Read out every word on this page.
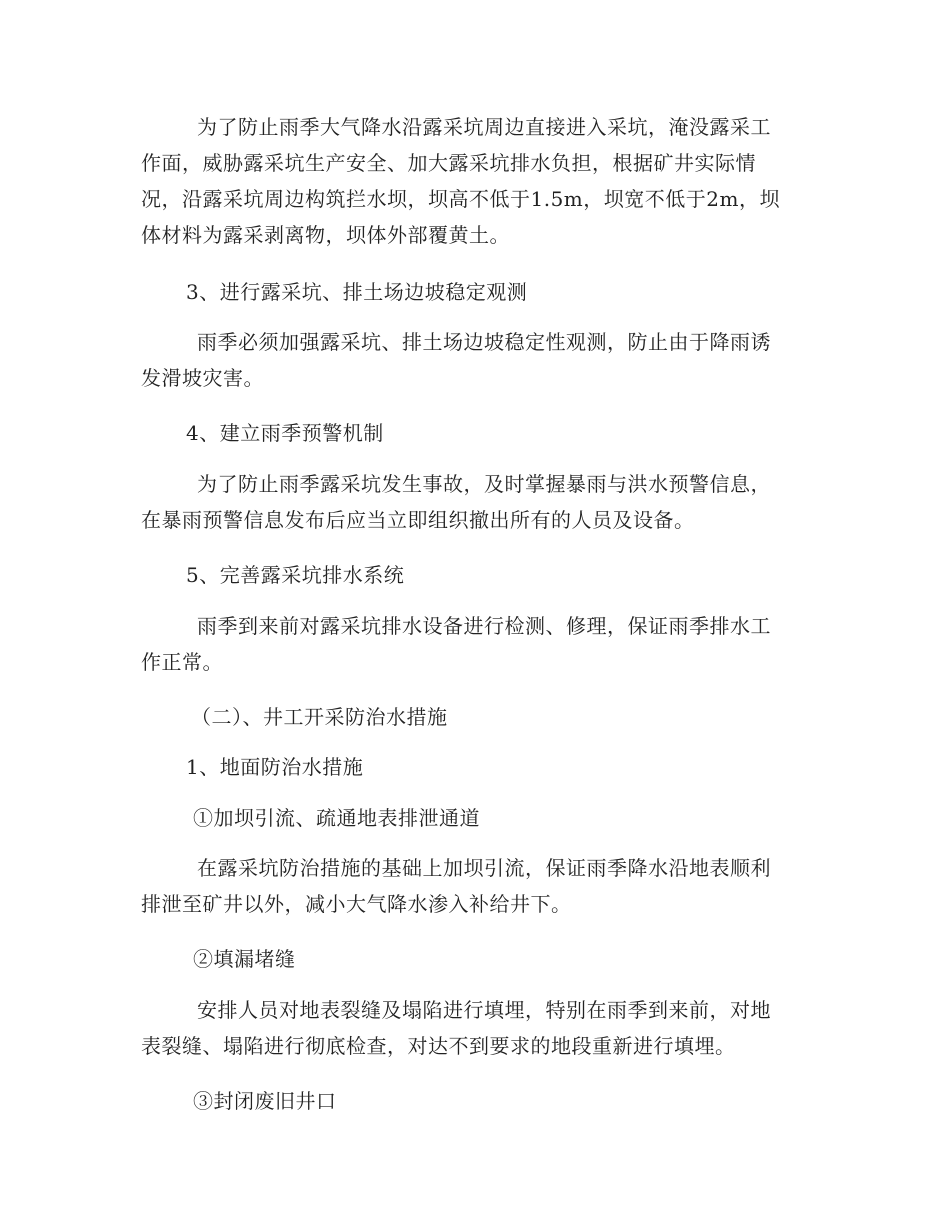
为了防止雨季大气降水沿露采坑周边直接进入采坑，淹没露采工
作面，威胁露采坑生产安全、加大露采坑排水负担，根据矿井实际情
况，沿露采坑周边构筑拦水坝，坝高不低于1.5m，坝宽不低于2m，坝
体材料为露采剥离物，坝体外部覆黄土。
3、进行露采坑、排土场边坡稳定观测
雨季必须加强露采坑、排土场边坡稳定性观测，防止由于降雨诱
发滑坡灾害。
4、建立雨季预警机制
为了防止雨季露采坑发生事故，及时掌握暴雨与洪水预警信息，
在暴雨预警信息发布后应当立即组织撤出所有的人员及设备。
5、完善露采坑排水系统
雨季到来前对露采坑排水设备进行检测、修理，保证雨季排水工
作正常。
（二）、井工开采防治水措施
1、地面防治水措施
①加坝引流、疏通地表排泄通道
在露采坑防治措施的基础上加坝引流，保证雨季降水沿地表顺利
排泄至矿井以外，减小大气降水渗入补给井下。
②填漏堵缝
安排人员对地表裂缝及塌陷进行填埋，特别在雨季到来前，对地
表裂缝、塌陷进行彻底检查，对达不到要求的地段重新进行填埋。
③封闭废旧井口
